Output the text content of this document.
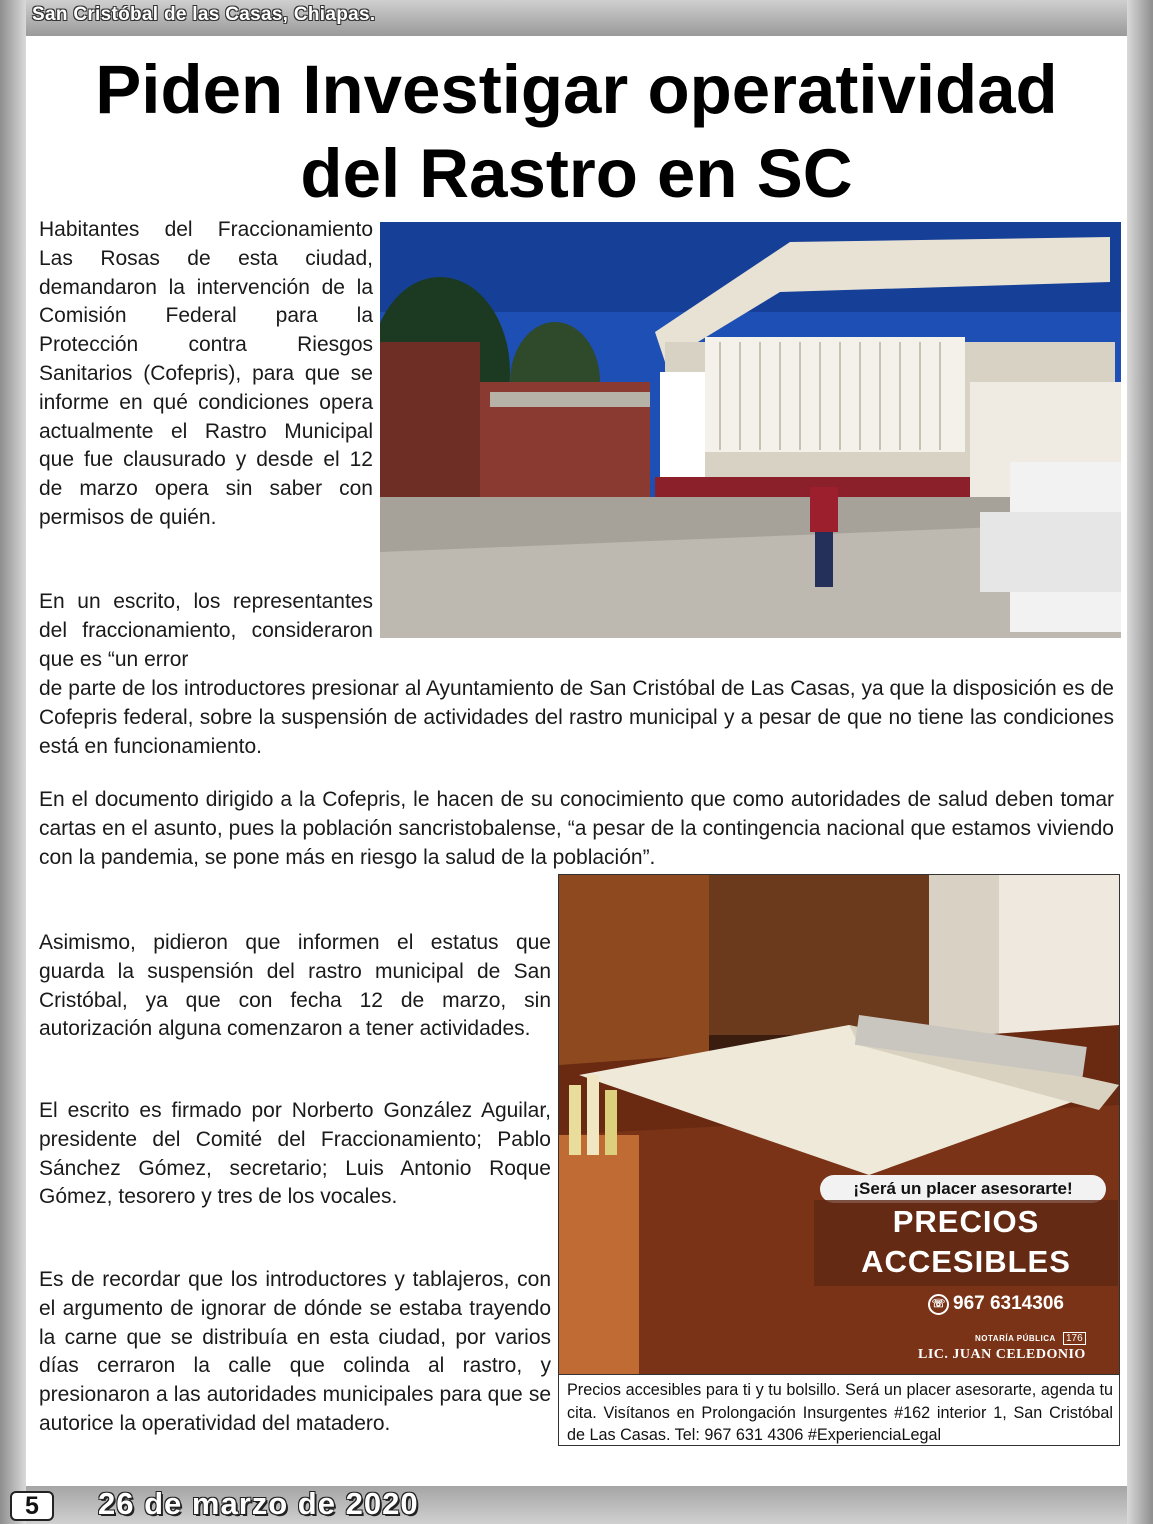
San Cristóbal de las Casas, Chiapas.
Piden Investigar operatividad
del Rastro en SC

Habitantes del Fraccionamiento Las Rosas de esta ciudad, demandaron la intervención de la Comisión Federal para la Protección contra Riesgos Sanitarios (Cofepris), para que se informe en qué condiciones opera actualmente el Rastro Municipal que fue clausurado y desde el 12 de marzo opera sin saber con permisos de quién.

En un escrito, los representantes del fraccionamiento, consideraron que es “un error

de parte de los introductores presionar al Ayuntamiento de San Cristóbal de Las Casas, ya que la disposición es de Cofepris federal, sobre la suspensión de actividades del rastro municipal y a pesar de que no tiene las condiciones está en funcionamiento.

En el documento dirigido a la Cofepris, le hacen de su conocimiento que como autoridades de salud deben tomar cartas en el asunto, pues la población sancristobalense, “a pesar de la contingencia nacional que estamos viviendo con la pandemia, se pone más en riesgo la salud de la población”.

Asimismo, pidieron que informen el estatus que guarda la suspensión del rastro municipal de San Cristóbal, ya que con fecha 12 de marzo, sin autorización alguna comenzaron a tener actividades.

El escrito es firmado por Norberto González Aguilar, presidente del Comité del Fraccionamiento; Pablo Sánchez Gómez, secretario; Luis Antonio Roque Gómez, tesorero y tres de los vocales.

Es de recordar que los introductores y tablajeros, con el argumento de ignorar de dónde se estaba trayendo la carne que se distribuía en esta ciudad, por varios días cerraron la calle que colinda al rastro, y presionaron a las autoridades municipales para que se autorice la operatividad del matadero.

¡Será un placer asesorarte!
PRECIOS
ACCESIBLES
☏ 967 6314306
NOTARÍA PÚBLICA	176
LIC. JUAN CELEDONIO
Precios accesibles para ti y tu bolsillo. Será un placer asesorarte, agenda tu cita. Visítanos en Prolongación Insurgentes #162 interior 1, San Cristóbal de Las Casas. Tel: 967 631 4306 #ExperienciaLegal
5	26 de marzo de 2020
